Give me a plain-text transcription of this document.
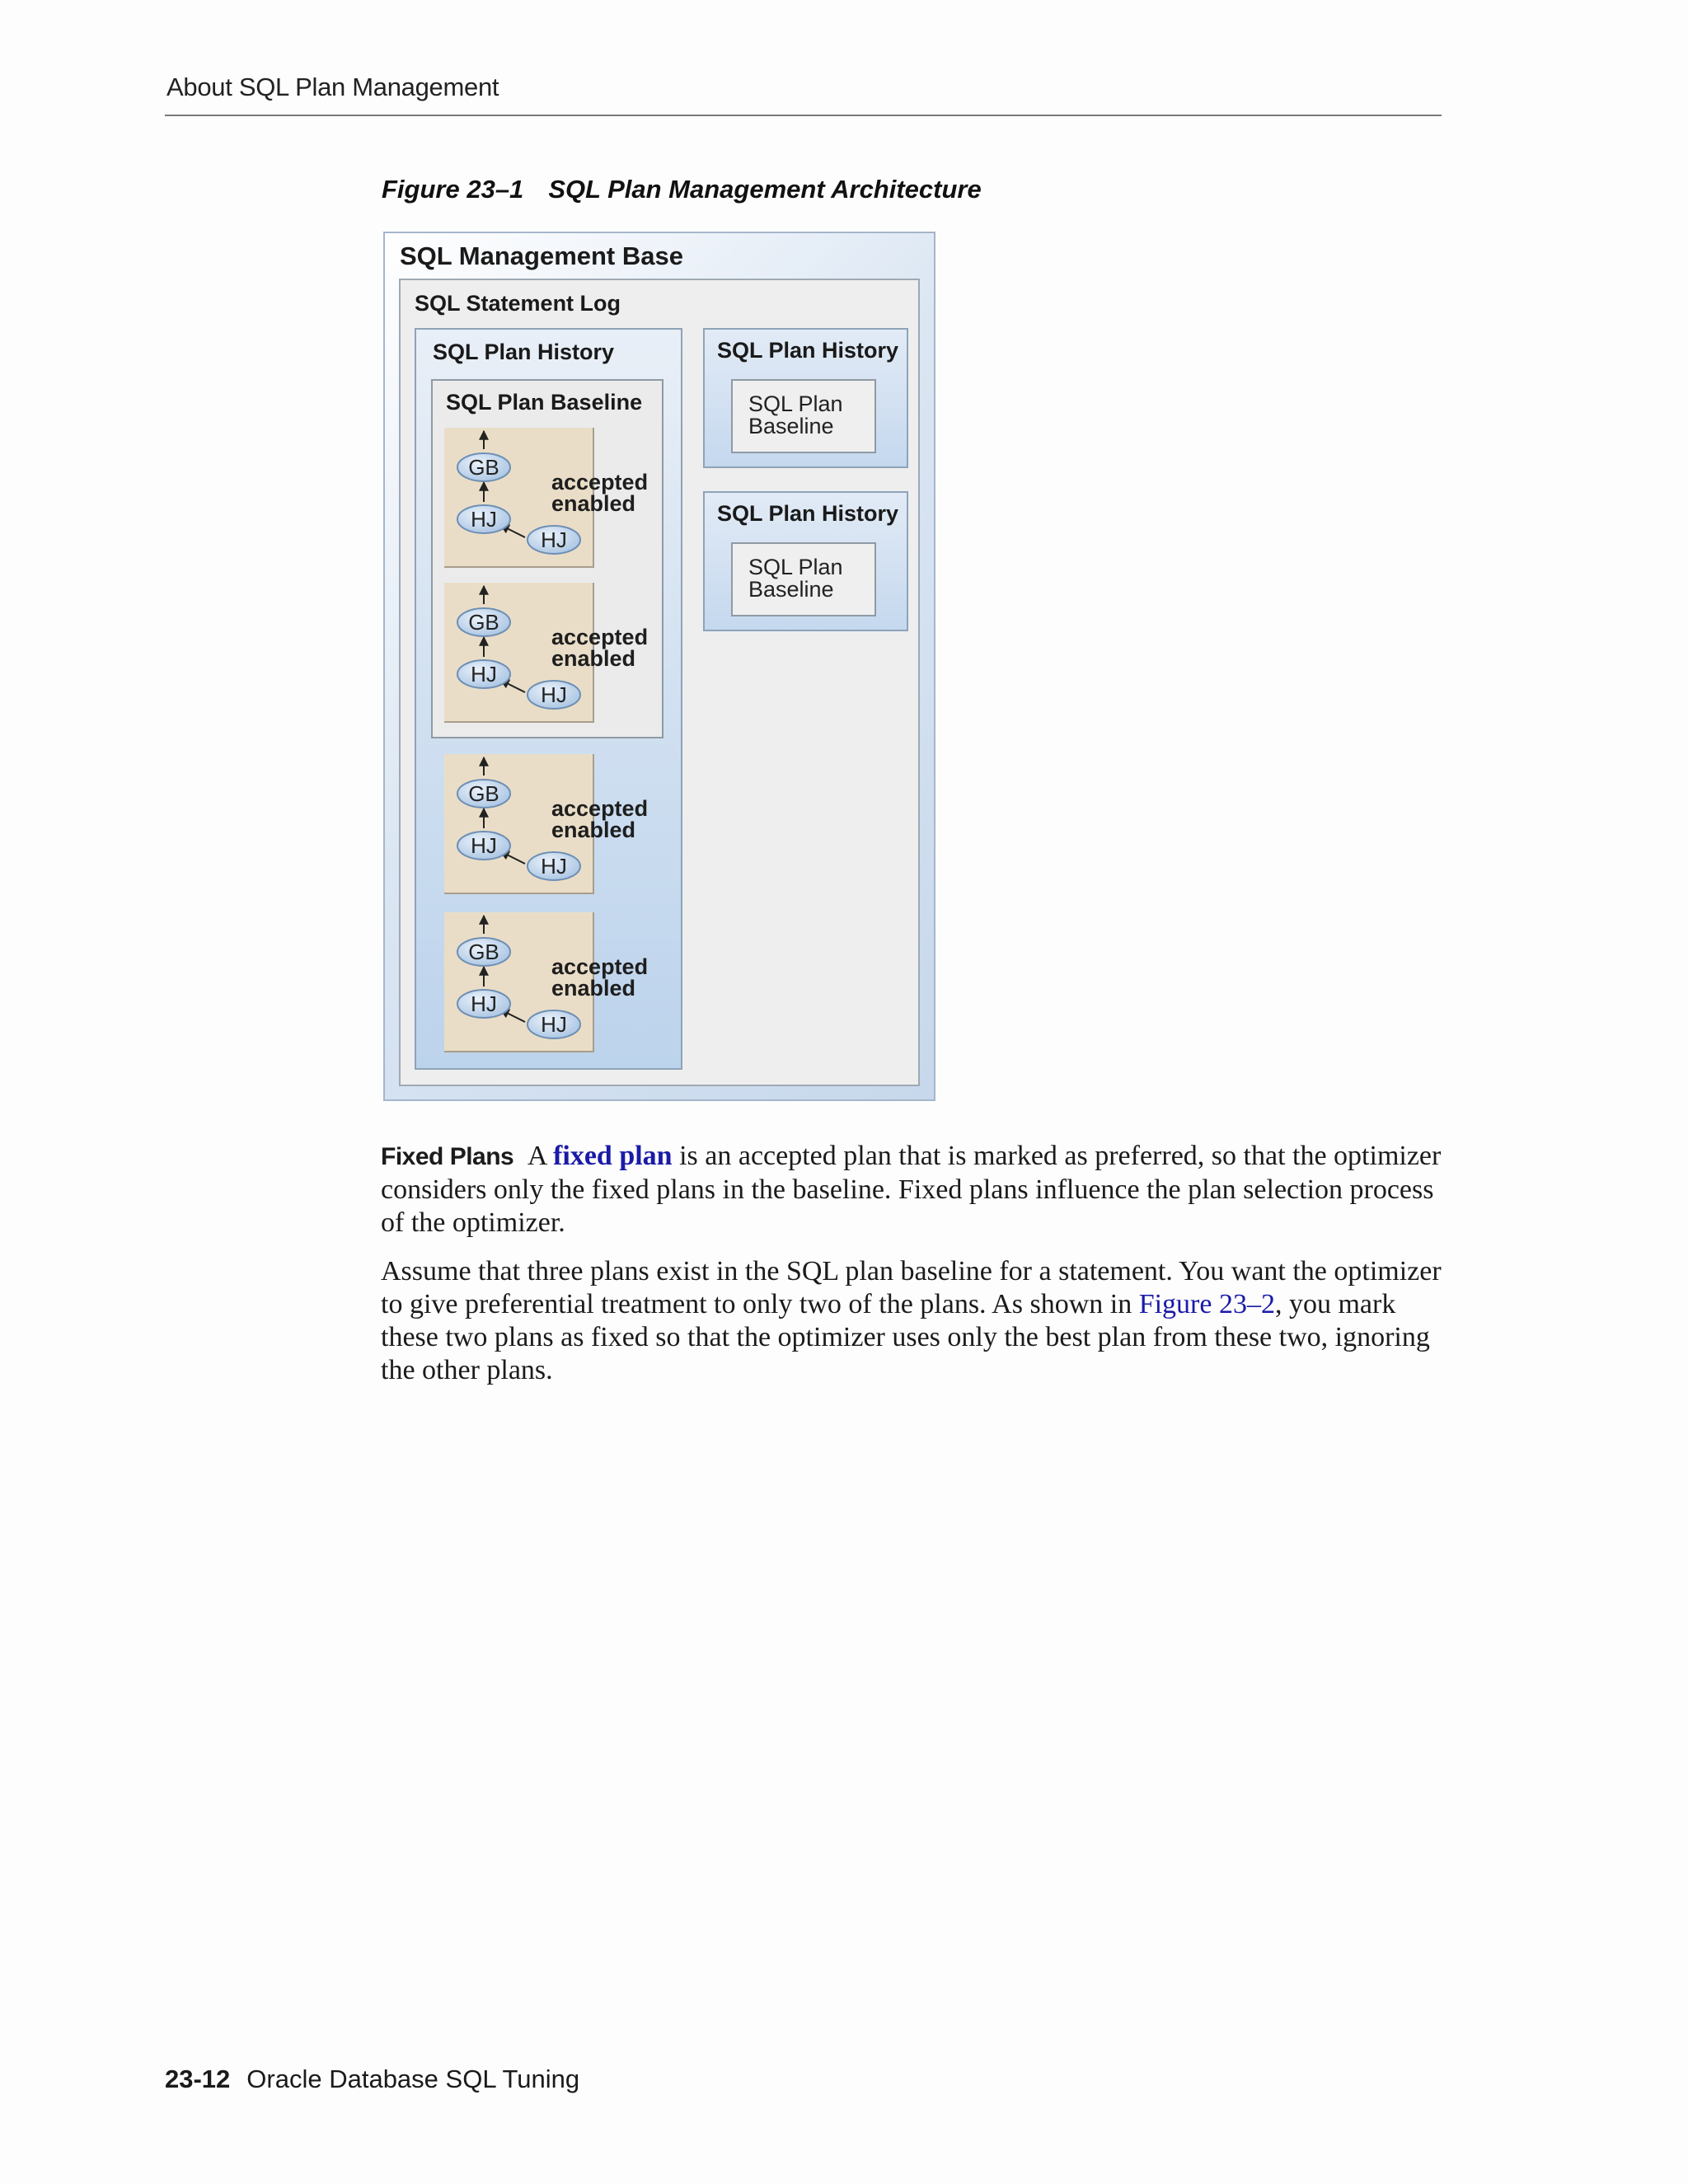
About SQL Plan Management
Figure 23–1 SQL Plan Management Architecture
SQL Management Base
SQL Statement Log
SQL Plan History
SQL Plan Baseline
GB
HJ
HJ
accepted
enabled
GB
HJ
HJ
accepted
enabled
GB
HJ
HJ
accepted
enabled
GB
HJ
HJ
accepted
enabled
SQL Plan History
SQL Plan
Baseline
SQL Plan History
SQL Plan
Baseline

Fixed Plans A fixed plan is an accepted plan that is marked as preferred, so that the optimizer considers only the fixed plans in the baseline. Fixed plans influence the plan selection process of the optimizer.

Assume that three plans exist in the SQL plan baseline for a statement. You want the optimizer to give preferential treatment to only two of the plans. As shown in Figure 23–2, you mark these two plans as fixed so that the optimizer uses only the best plan from these two, ignoring the other plans.

23-12 Oracle Database SQL Tuning
